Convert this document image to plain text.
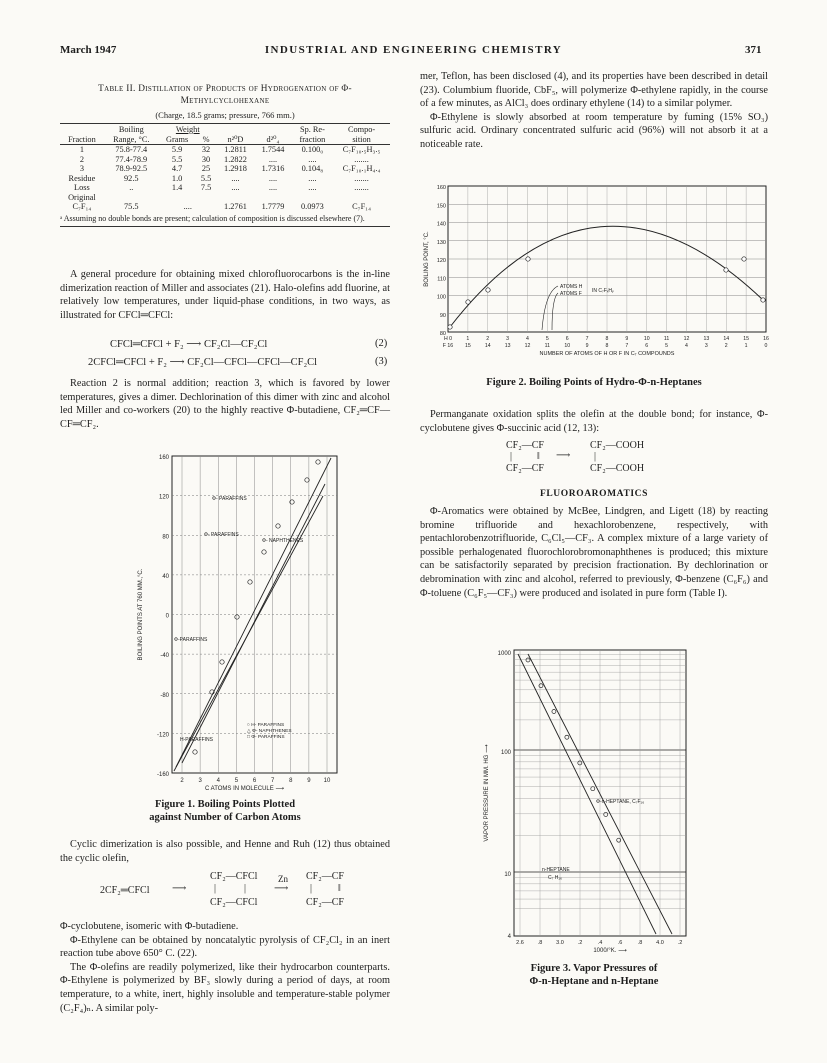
March 1947	INDUSTRIAL AND ENGINEERING CHEMISTRY	371
Table II. Distillation of Products of Hydrogenation of Φ-Methylcyclohexane
(Charge, 18.5 grams; pressure, 766 mm.)
	Boiling	Weight				Sp. Re-	Compo-
Fraction	Range, °C.	Grams	%	n²⁰D	d²⁰₄	fraction	sition
1	75.8-77.4	5.9	32	1.2811	1.7544	0.100₀	C₇F₁₀.₅H₃.₅
2	77.4-78.9	5.5	30	1.2822	....	....	.......
3	78.9-92.5	4.7	25	1.2918	1.7316	0.104₈	C₇F₁₀.₁H₄.₄
Residue	92.5	1.0	5.5	....	....	....	.......
Loss	..	1.4	7.5	....	....	....	.......
Original							
C₇F₁₄	75.5	....		1.2761	1.7779	0.0973	C₇F₁₄
ᵃ Assuming no double bonds are present; calculation of composition is discussed elsewhere (7).

A general procedure for obtaining mixed chlorofluorocarbons is the in-line dimerization reaction of Miller and associates (21). Halo-olefins add fluorine, at relatively low temperatures, under liquid-phase conditions, in two ways, as illustrated for CFCl═CFCl:

CFCl═CFCl + F₂ ⟶ CF₂Cl—CF₂Cl	(2)
2CFCl═CFCl + F₂ ⟶ CF₂Cl—CFCl—CFCl—CF₂Cl	(3)

Reaction 2 is normal addition; reaction 3, which is favored by lower temperatures, gives a dimer. Dechlorination of this dimer with zinc and alcohol led Miller and co-workers (20) to the highly reactive Φ-butadiene, CF₂═CF—CF═CF₂.

160
120
80
40
0
-40
-80
-120
-160
2 3 4 5 6 7 8 9 10
BOILING POINTS AT 760 MM.,°C.
C ATOMS IN MOLECULE ⟶
Φ- PARAFFINS
Φ- PARAFFINS
Φ- NAPHTHENES
Φ-PARAFFINS
H-PARAFFINS
○ H- PARAFFINS
△ Φ- NAPHTHENES
□ Φ- PARAFFINS
Figure 1. Boiling Points Plotted
against Number of Carbon Atoms

Cyclic dimerization is also possible, and Henne and Ruh (12) thus obtained the cyclic olefin,

2CF₂═CFCl ⟶
CF₂—CFCl
|	|
CF₂—CFCl
Zn
⟶
CF₂—CF
|	‖
CF₂—CF

Φ-cyclobutene, isomeric with Φ-butadiene.

Φ-Ethylene can be obtained by noncatalytic pyrolysis of CF₂Cl₂ in an inert reaction tube above 650° C. (22).

The Φ-olefins are readily polymerized, like their hydrocarbon counterparts. Φ-Ethylene is polymerized by BF₃ slowly during a period of days, at room temperature, to a white, inert, highly insoluble and temperature-stable polymer (C₂F₄)ₙ. A similar poly-

mer, Teflon, has been disclosed (4), and its properties have been described in detail (23). Columbium fluoride, CbF₅, will polymerize Φ-ethylene rapidly, in the course of a few minutes, as AlCl₃ does ordinary ethylene (14) to a similar polymer.

Φ-Ethylene is slowly absorbed at room temperature by fuming (15% SO₃) sulfuric acid. Ordinary concentrated sulfuric acid (96%) will not absorb it at a noticeable rate.

160
150
140
130
120
110
100
90
80
H 0
F 16
1
15
2
14
3
13
4
12
5
11
6
10
7
9
8
8
9
7
10
6
11
5
12
4
13
3
14
2
15
1
16
0
BOILING POINT, °C.
NUMBER OF ATOMS OF H OR F IN C₇ COMPOUNDS
ATOMS H
ATOMS F IN C₇FₓHᵧ
Figure 2. Boiling Points of Hydro-Φ-n-Heptanes

Permanganate oxidation splits the olefin at the double bond; for instance, Φ-cyclobutene gives Φ-succinic acid (12, 13):

CF₂—CF
| ‖
CF₂—CF
⟶
CF₂—COOH
|
CF₂—COOH
FLUOROAROMATICS

Φ-Aromatics were obtained by McBee, Lindgren, and Ligett (18) by reacting bromine trifluoride and hexachlorobenzene, respectively, with pentachlorobenzotrifluoride, C₆Cl₅—CF₃. A complex mixture of a large variety of possible perhalogenated fluorochlorobromonaphthenes is produced; this mixture can be satisfactorily separated by precision fractionation. By dechlorination or debromination with zinc and alcohol, referred to previously, Φ-benzene (C₆F₆) and Φ-toluene (C₆F₅—CF₃) were produced and isolated in pure form (Table I).

1000
100
10
4
2.6	.8	3.0	.2	.4	.6	.8	4.0	.2
VAPOR PRESSURE IN MM. HG ⟶
1000/°K. ⟶
Φ-n-HEPTANE, C₇F₁₆
n-HEPTANE
C₇ H₁₆
Figure 3. Vapor Pressures of
Φ-n-Heptane and n-Heptane
